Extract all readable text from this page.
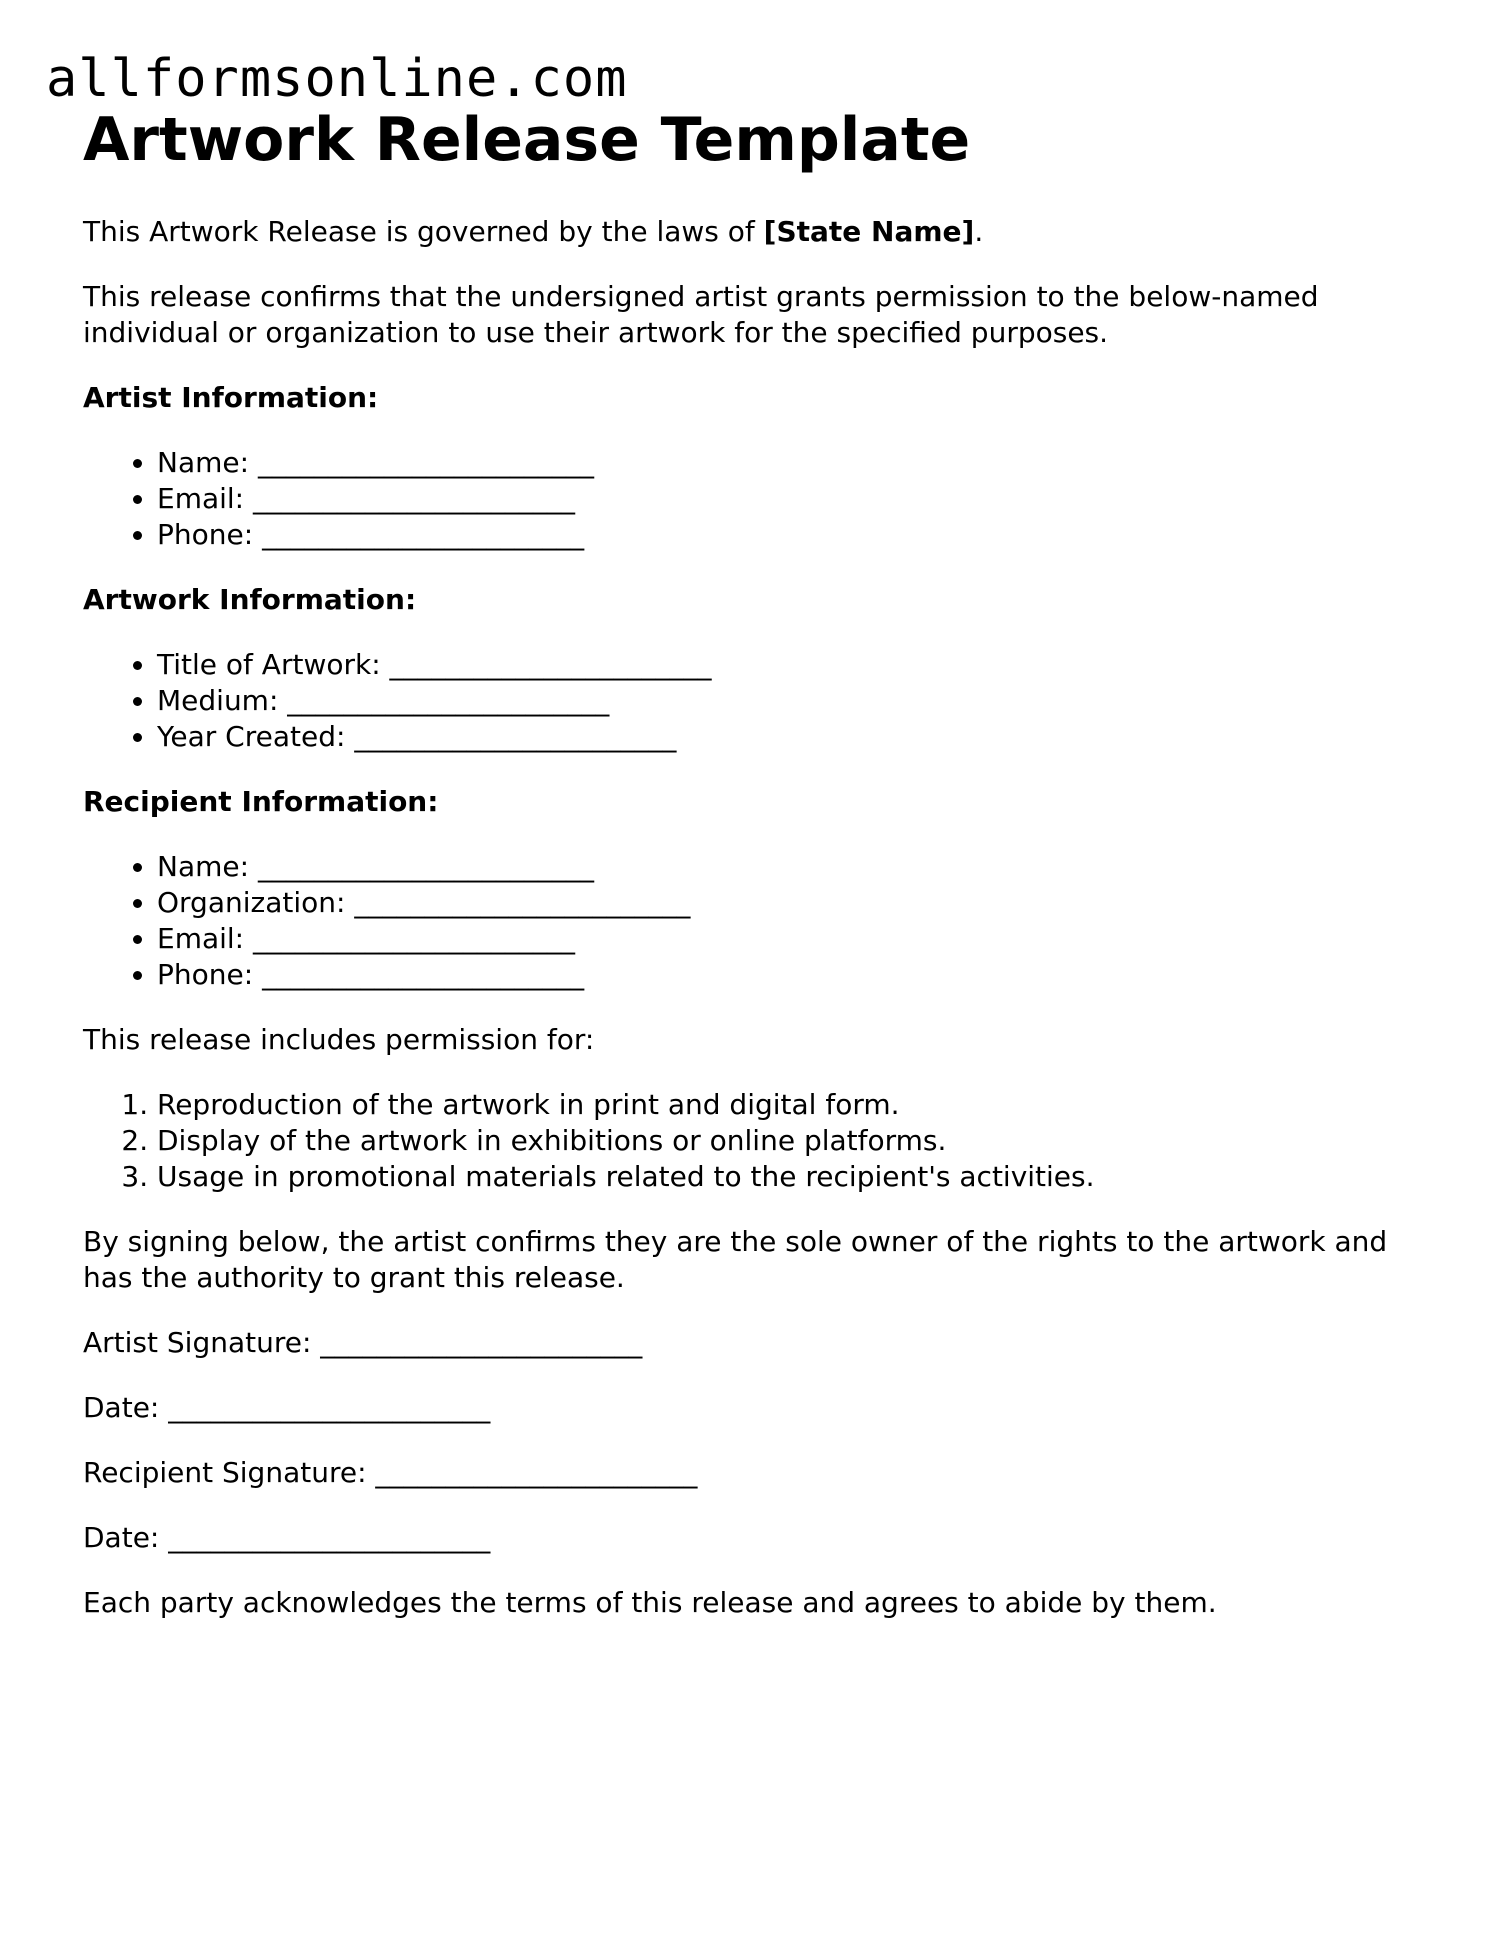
allformsonline.com
Artwork Release Template

This Artwork Release is governed by the laws of [State Name].

This release confirms that the undersigned artist grants permission to the below-named individual or organization to use their artwork for the specified purposes.

Artist Information:
• Name: ________________________
• Email: _______________________
• Phone: _______________________
Artwork Information:
• Title of Artwork: _______________________
• Medium: _______________________
• Year Created: _______________________
Recipient Information:
• Name: ________________________
• Organization: ________________________
• Email: _______________________
• Phone: _______________________

This release includes permission for:

1. Reproduction of the artwork in print and digital form.
2. Display of the artwork in exhibitions or online platforms.
3. Usage in promotional materials related to the recipient's activities.

By signing below, the artist confirms they are the sole owner of the rights to the artwork and has the authority to grant this release.

Artist Signature: _______________________

Date: _______________________

Recipient Signature: _______________________

Date: _______________________

Each party acknowledges the terms of this release and agrees to abide by them.
